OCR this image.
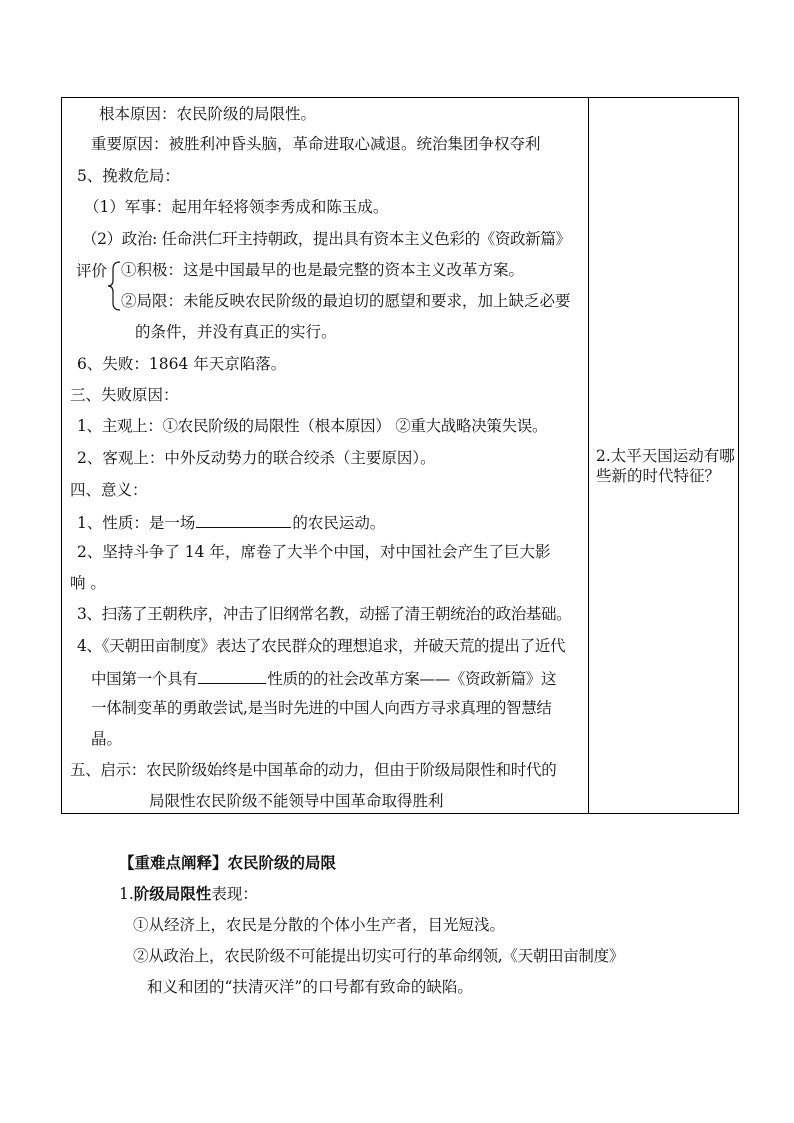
根本原因：农民阶级的局限性。
重要原因：被胜利冲昏头脑，革命进取心减退。统治集团争权夺利
5、挽救危局：
（1）军事：起用年轻将领李秀成和陈玉成。
（2）政治: 任命洪仁玕主持朝政，提出具有资本主义色彩的《资政新篇》
评价 ①积极：这是中国最早的也是最完整的资本主义改革方案。
②局限：未能反映农民阶级的最迫切的愿望和要求，加上缺乏必要
的条件，并没有真正的实行。
6、失败：1864 年天京陷落。
三、失败原因：
1、主观上：①农民阶级的局限性（根本原因） ②重大战略决策失误。
2、客观上：中外反动势力的联合绞杀（主要原因）。
四、意义：
1、性质：是一场	的农民运动。
2、坚持斗争了 14 年，席卷了大半个中国，对中国社会产生了巨大影
响 。
3、扫荡了王朝秩序，冲击了旧纲常名教，动摇了清王朝统治的政治基础。
4、《天朝田亩制度》表达了农民群众的理想追求，并破天荒的提出了近代
中国第一个具有	性质的的社会改革方案——《资政新篇》这
一体制变革的勇敢尝试,是当时先进的中国人向西方寻求真理的智慧结
晶。
五、启示：农民阶级始终是中国革命的动力，但由于阶级局限性和时代的
局限性农民阶级不能领导中国革命取得胜利
2.太平天国运动有哪些新的时代特征？
【重难点阐释】农民阶级的局限
1.阶级局限性表现：
①从经济上，农民是分散的个体小生产者，目光短浅。
②从政治上，农民阶级不可能提出切实可行的革命纲领,《天朝田亩制度》
和义和团的“扶清灭洋”的口号都有致命的缺陷。
